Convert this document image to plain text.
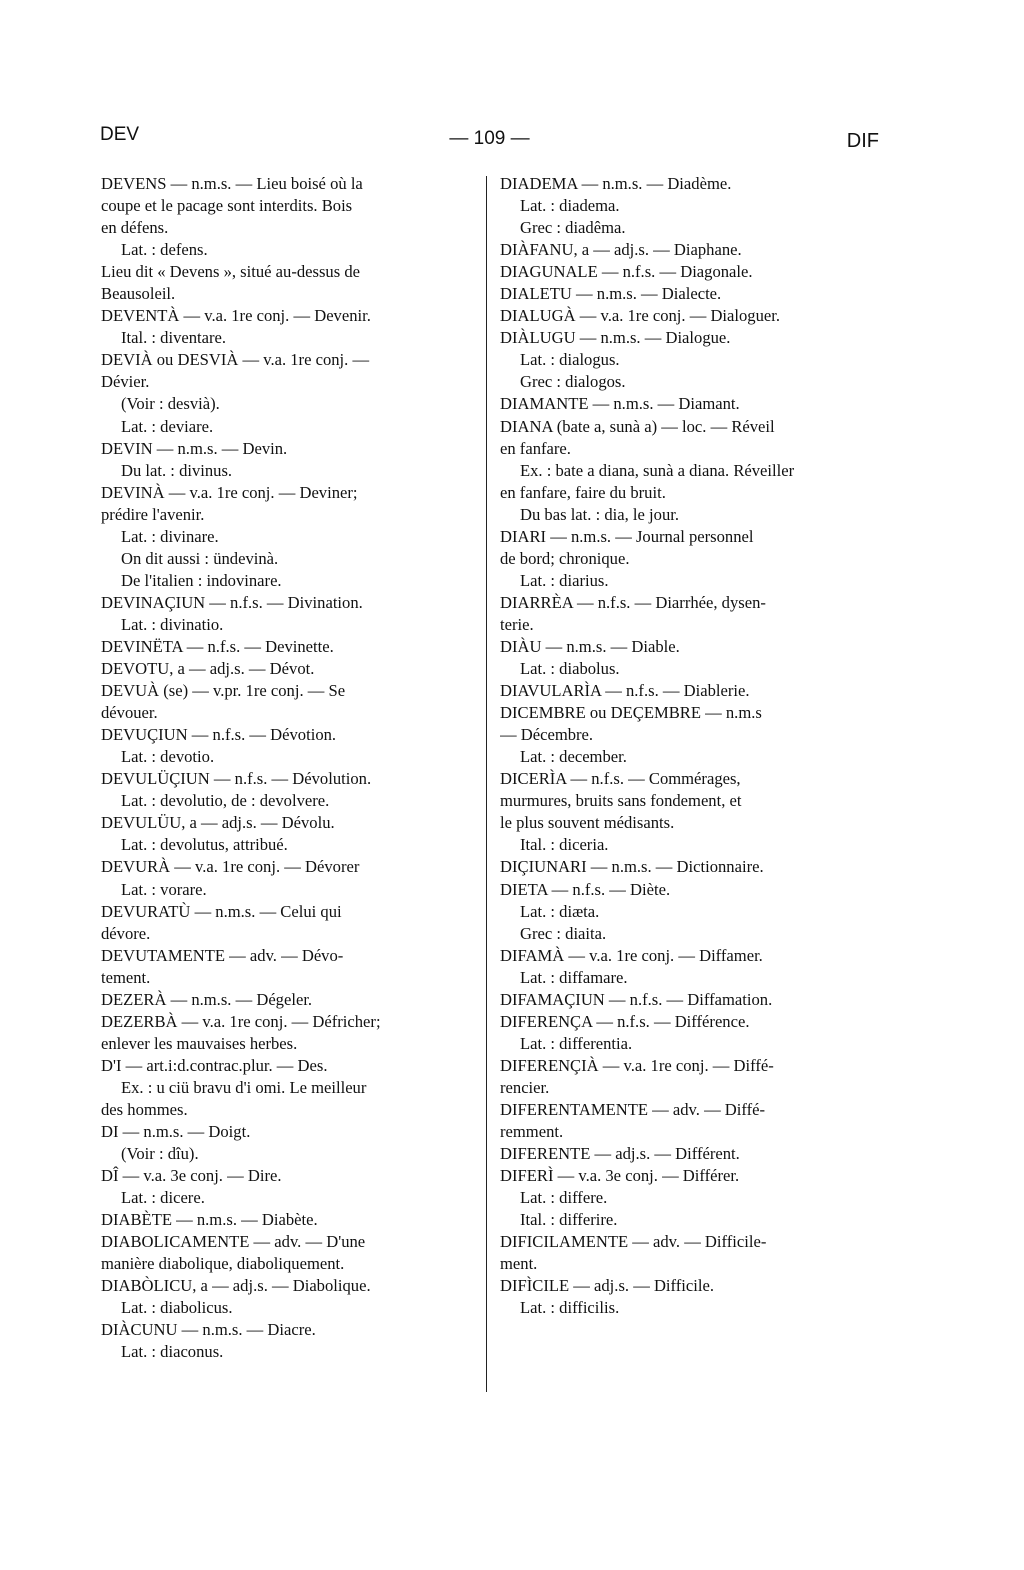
DEV	— 109 —	DIF
DEVENS — n.m.s. — Lieu boisé où la
coupe et le pacage sont interdits. Bois
en défens.
Lat. : defens.
Lieu dit « Devens », situé au-dessus de
Beausoleil.
DEVENTÀ — v.a. 1re conj. — Devenir.
Ital. : diventare.
DEVIÀ ou DESVIÀ — v.a. 1re conj. —
Dévier.
(Voir : desvià).
Lat. : deviare.
DEVIN — n.m.s. — Devin.
Du lat. : divinus.
DEVINÀ — v.a. 1re conj. — Deviner;
prédire l'avenir.
Lat. : divinare.
On dit aussi : ündevinà.
De l'italien : indovinare.
DEVINAÇIUN — n.f.s. — Divination.
Lat. : divinatio.
DEVINËTA — n.f.s. — Devinette.
DEVOTU, a — adj.s. — Dévot.
DEVUÀ (se) — v.pr. 1re conj. — Se
dévouer.
DEVUÇIUN — n.f.s. — Dévotion.
Lat. : devotio.
DEVULÜÇIUN — n.f.s. — Dévolution.
Lat. : devolutio, de : devolvere.
DEVULÜU, a — adj.s. — Dévolu.
Lat. : devolutus, attribué.
DEVURÀ — v.a. 1re conj. — Dévorer
Lat. : vorare.
DEVURATÙ — n.m.s. — Celui qui
dévore.
DEVUTAMENTE — adv. — Dévo-
tement.
DEZERÀ — n.m.s. — Dégeler.
DEZERBÀ — v.a. 1re conj. — Défricher;
enlever les mauvaises herbes.
D'I — art.i:d.contrac.plur. — Des.
Ex. : u ciü bravu d'i omi. Le meilleur
des hommes.
DI — n.m.s. — Doigt.
(Voir : dîu).
DÎ — v.a. 3e conj. — Dire.
Lat. : dicere.
DIABÈTE — n.m.s. — Diabète.
DIABOLICAMENTE — adv. — D'une
manière diabolique, diaboliquement.
DIABÒLICU, a — adj.s. — Diabolique.
Lat. : diabolicus.
DIÀCUNU — n.m.s. — Diacre.
Lat. : diaconus.
DIADEMA — n.m.s. — Diadème.
Lat. : diadema.
Grec : diadêma.
DIÀFANU, a — adj.s. — Diaphane.
DIAGUNALE — n.f.s. — Diagonale.
DIALETU — n.m.s. — Dialecte.
DIALUGÀ — v.a. 1re conj. — Dialoguer.
DIÀLUGU — n.m.s. — Dialogue.
Lat. : dialogus.
Grec : dialogos.
DIAMANTE — n.m.s. — Diamant.
DIANA (bate a, sunà a) — loc. — Réveil
en fanfare.
Ex. : bate a diana, sunà a diana. Réveiller
en fanfare, faire du bruit.
Du bas lat. : dia, le jour.
DIARI — n.m.s. — Journal personnel
de bord; chronique.
Lat. : diarius.
DIARRÈA — n.f.s. — Diarrhée, dysen-
terie.
DIÀU — n.m.s. — Diable.
Lat. : diabolus.
DIAVULARÌA — n.f.s. — Diablerie.
DICEMBRE ou DEÇEMBRE — n.m.s
— Décembre.
Lat. : december.
DICERÌA — n.f.s. — Commérages,
murmures, bruits sans fondement, et
le plus souvent médisants.
Ital. : diceria.
DIÇIUNARI — n.m.s. — Dictionnaire.
DIETA — n.f.s. — Diète.
Lat. : diæta.
Grec : diaita.
DIFAMÀ — v.a. 1re conj. — Diffamer.
Lat. : diffamare.
DIFAMAÇIUN — n.f.s. — Diffamation.
DIFERENÇA — n.f.s. — Différence.
Lat. : differentia.
DIFERENÇIÀ — v.a. 1re conj. — Diffé-
rencier.
DIFERENTAMENTE — adv. — Diffé-
remment.
DIFERENTE — adj.s. — Différent.
DIFERÌ — v.a. 3e conj. — Différer.
Lat. : differe.
Ital. : differire.
DIFICILAMENTE — adv. — Difficile-
ment.
DIFÌCILE — adj.s. — Difficile.
Lat. : difficilis.
